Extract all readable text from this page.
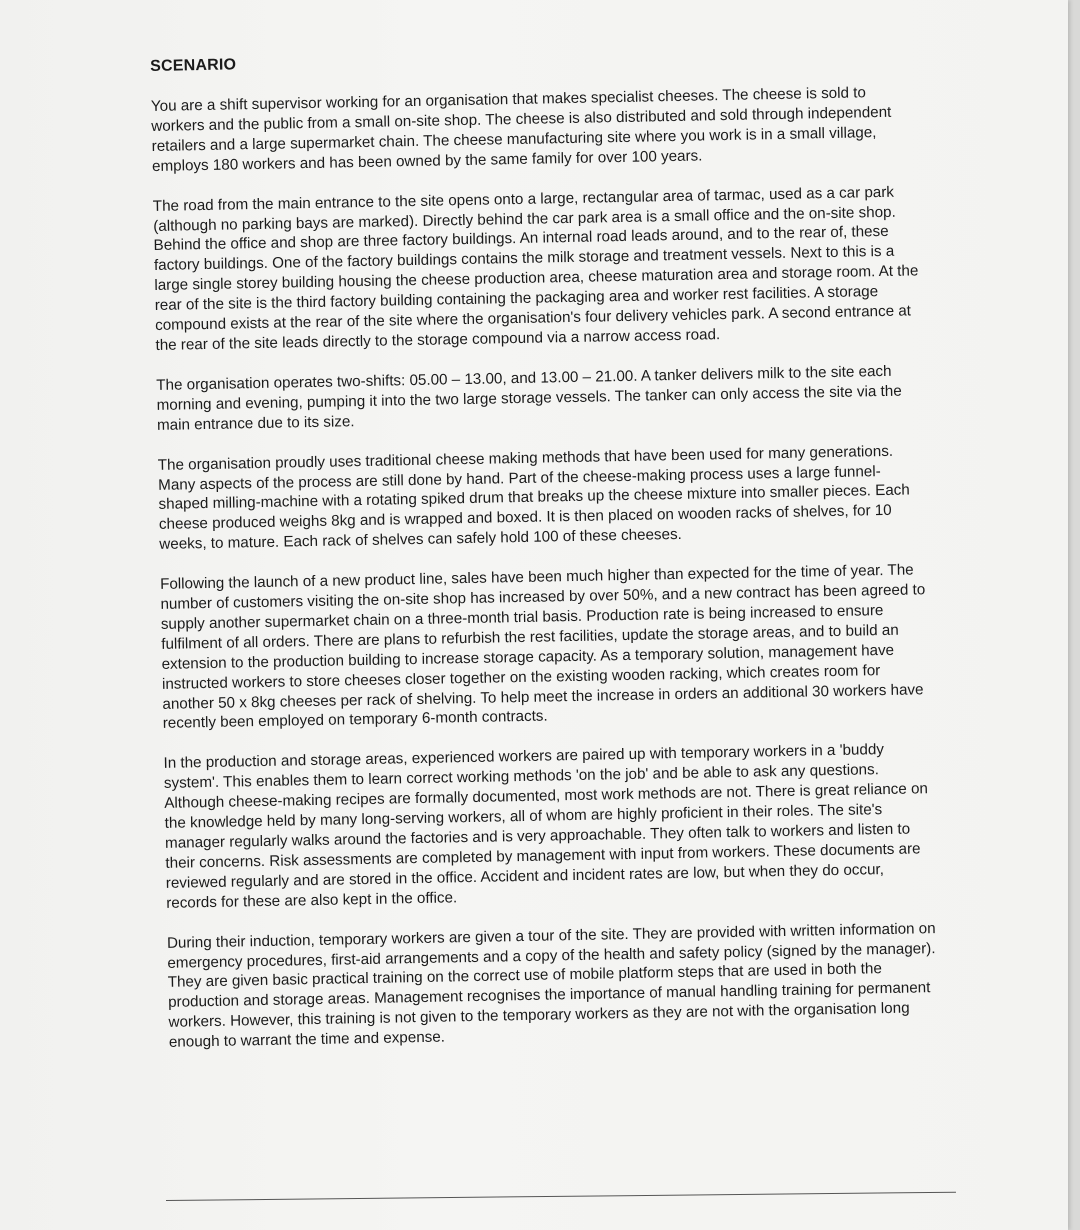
SCENARIO

You are a shift supervisor working for an organisation that makes specialist cheeses. The cheese is sold to workers and the public from a small on-site shop. The cheese is also distributed and sold through independent retailers and a large supermarket chain. The cheese manufacturing site where you work is in a small village, employs 180 workers and has been owned by the same family for over 100 years.

The road from the main entrance to the site opens onto a large, rectangular area of tarmac, used as a car park (although no parking bays are marked). Directly behind the car park area is a small office and the on-site shop. Behind the office and shop are three factory buildings. An internal road leads around, and to the rear of, these factory buildings. One of the factory buildings contains the milk storage and treatment vessels. Next to this is a large single storey building housing the cheese production area, cheese maturation area and storage room. At the rear of the site is the third factory building containing the packaging area and worker rest facilities. A storage compound exists at the rear of the site where the organisation's four delivery vehicles park. A second entrance at the rear of the site leads directly to the storage compound via a narrow access road.

The organisation operates two-shifts: 05.00 – 13.00, and 13.00 – 21.00. A tanker delivers milk to the site each morning and evening, pumping it into the two large storage vessels. The tanker can only access the site via the main entrance due to its size.

The organisation proudly uses traditional cheese making methods that have been used for many generations. Many aspects of the process are still done by hand. Part of the cheese-making process uses a large funnel-shaped milling-machine with a rotating spiked drum that breaks up the cheese mixture into smaller pieces. Each cheese produced weighs 8kg and is wrapped and boxed. It is then placed on wooden racks of shelves, for 10 weeks, to mature. Each rack of shelves can safely hold 100 of these cheeses.

Following the launch of a new product line, sales have been much higher than expected for the time of year. The number of customers visiting the on-site shop has increased by over 50%, and a new contract has been agreed to supply another supermarket chain on a three-month trial basis. Production rate is being increased to ensure fulfilment of all orders. There are plans to refurbish the rest facilities, update the storage areas, and to build an extension to the production building to increase storage capacity. As a temporary solution, management have instructed workers to store cheeses closer together on the existing wooden racking, which creates room for another 50 x 8kg cheeses per rack of shelving. To help meet the increase in orders an additional 30 workers have recently been employed on temporary 6-month contracts.

In the production and storage areas, experienced workers are paired up with temporary workers in a 'buddy system'. This enables them to learn correct working methods 'on the job' and be able to ask any questions. Although cheese-making recipes are formally documented, most work methods are not. There is great reliance on the knowledge held by many long-serving workers, all of whom are highly proficient in their roles. The site's manager regularly walks around the factories and is very approachable. They often talk to workers and listen to their concerns. Risk assessments are completed by management with input from workers. These documents are reviewed regularly and are stored in the office. Accident and incident rates are low, but when they do occur, records for these are also kept in the office.

During their induction, temporary workers are given a tour of the site. They are provided with written information on emergency procedures, first-aid arrangements and a copy of the health and safety policy (signed by the manager). They are given basic practical training on the correct use of mobile platform steps that are used in both the production and storage areas. Management recognises the importance of manual handling training for permanent workers. However, this training is not given to the temporary workers as they are not with the organisation long enough to warrant the time and expense.
